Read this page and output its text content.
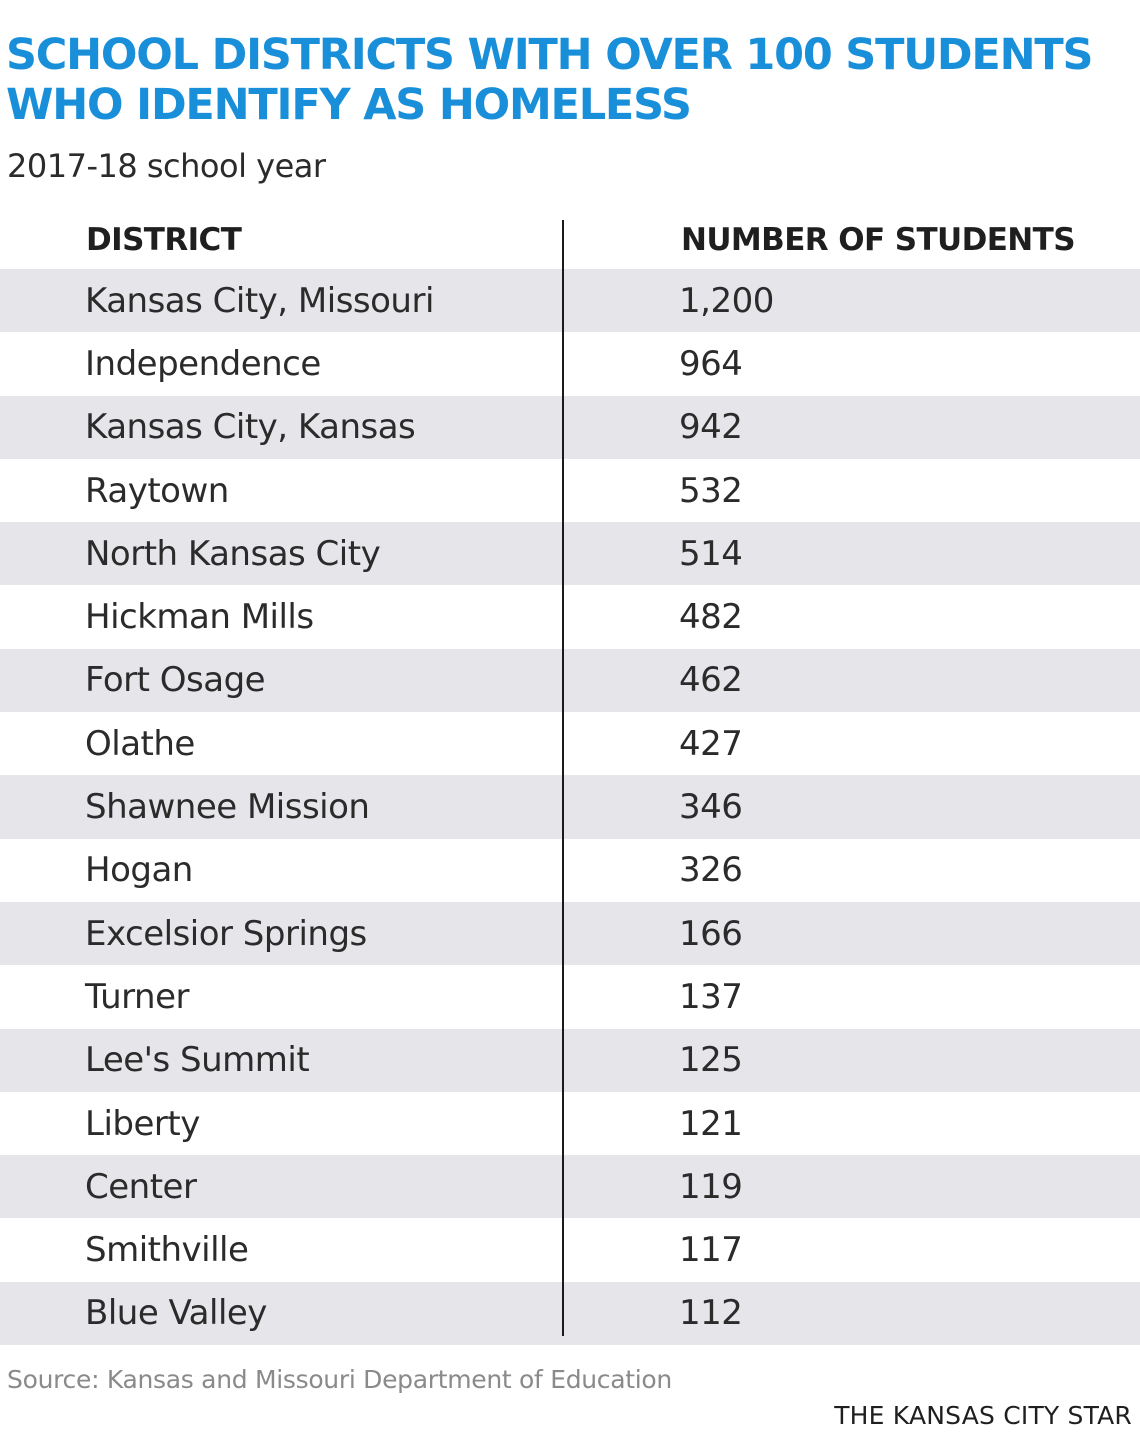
SCHOOL DISTRICTS WITH OVER 100 STUDENTS WHO IDENTIFY AS HOMELESS
2017-18 school year
DISTRICT	NUMBER OF STUDENTS
Kansas City, Missouri	1,200
Independence	964
Kansas City, Kansas	942
Raytown	532
North Kansas City	514
Hickman Mills	482
Fort Osage	462
Olathe	427
Shawnee Mission	346
Hogan	326
Excelsior Springs	166
Turner	137
Lee's Summit	125
Liberty	121
Center	119
Smithville	117
Blue Valley	112
Source: Kansas and Missouri Department of Education
THE KANSAS CITY STAR
